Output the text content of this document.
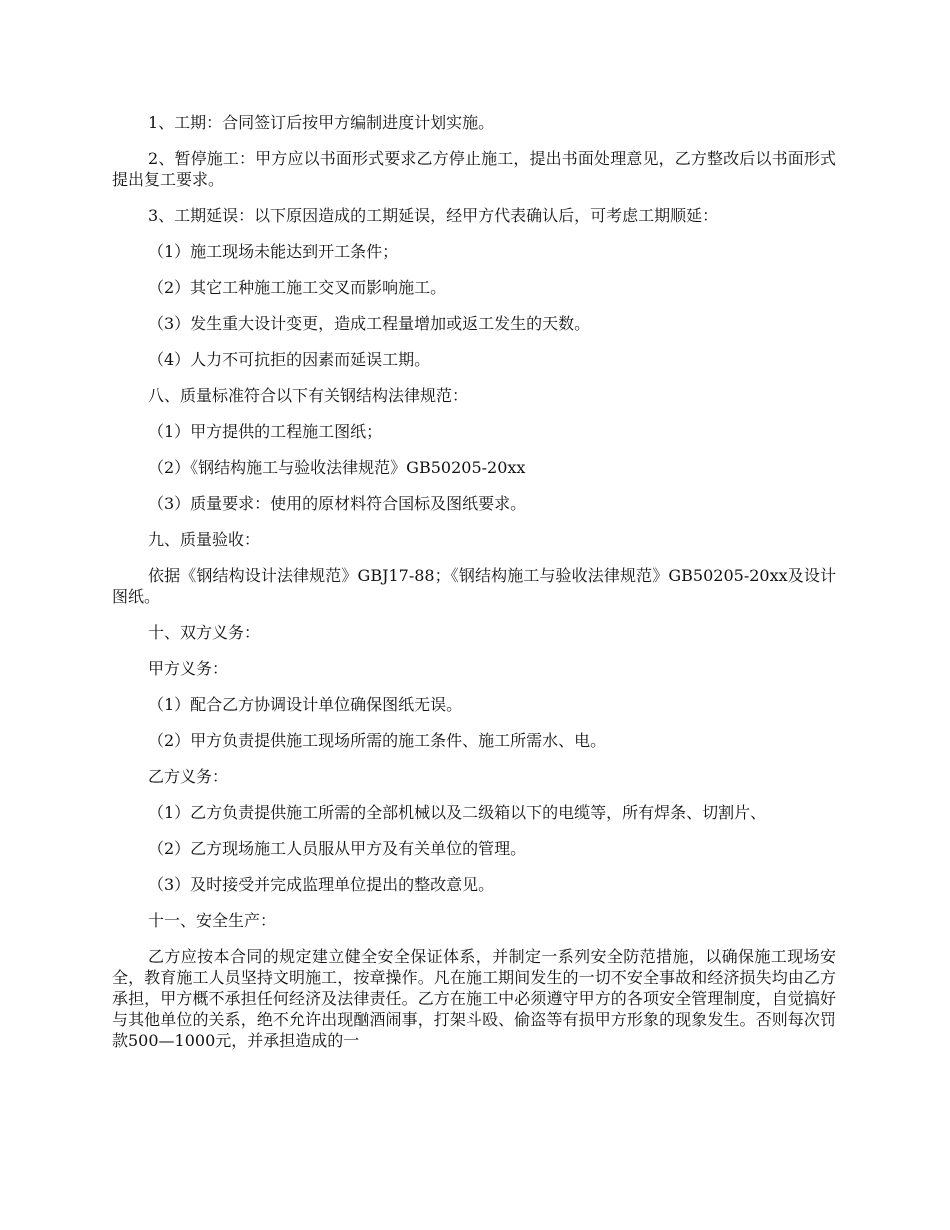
1、工期：合同签订后按甲方编制进度计划实施。

2、暂停施工：甲方应以书面形式要求乙方停止施工，提出书面处理意见，乙方整改后以书面形式提出复工要求。

3、工期延误：以下原因造成的工期延误，经甲方代表确认后，可考虑工期顺延：

（1）施工现场未能达到开工条件；

（2）其它工种施工施工交叉而影响施工。

（3）发生重大设计变更，造成工程量增加或返工发生的天数。

（4）人力不可抗拒的因素而延误工期。

八、质量标准符合以下有关钢结构法律规范：

（1）甲方提供的工程施工图纸；

（2）《钢结构施工与验收法律规范》GB50205-20xx

（3）质量要求：使用的原材料符合国标及图纸要求。

九、质量验收：

依据《钢结构设计法律规范》GBJ17-88；《钢结构施工与验收法律规范》GB50205-20xx及设计图纸。

十、双方义务：

甲方义务：

（1）配合乙方协调设计单位确保图纸无误。

（2）甲方负责提供施工现场所需的施工条件、施工所需水、电。

乙方义务：

（1）乙方负责提供施工所需的全部机械以及二级箱以下的电缆等，所有焊条、切割片、

（2）乙方现场施工人员服从甲方及有关单位的管理。

（3）及时接受并完成监理单位提出的整改意见。

十一、安全生产：

乙方应按本合同的规定建立健全安全保证体系，并制定一系列安全防范措施，以确保施工现场安全，教育施工人员坚持文明施工，按章操作。凡在施工期间发生的一切不安全事故和经济损失均由乙方承担，甲方概不承担任何经济及法律责任。乙方在施工中必须遵守甲方的各项安全管理制度，自觉搞好与其他单位的关系，绝不允许出现酗酒闹事，打架斗殴、偷盗等有损甲方形象的现象发生。否则每次罚款500—1000元，并承担造成的一
